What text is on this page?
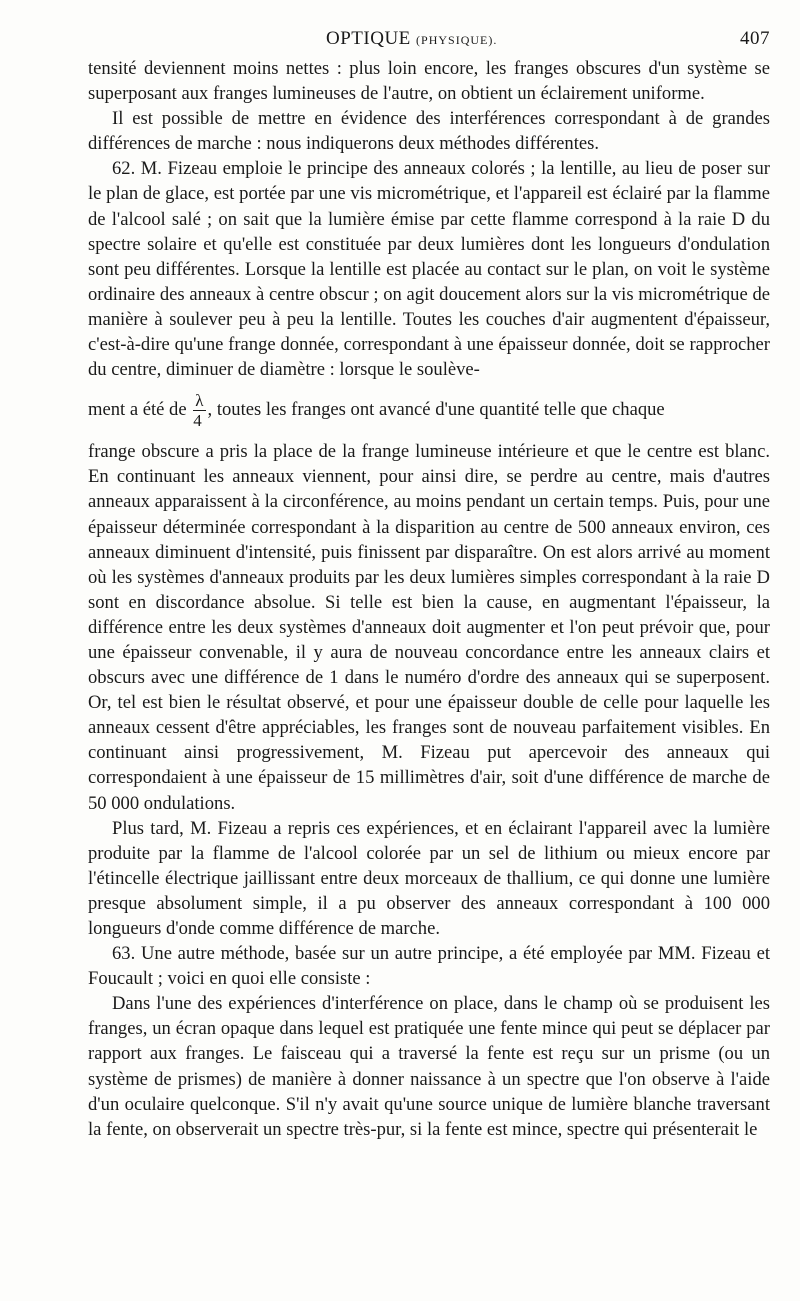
OPTIQUE (PHYSIQUE).	407

tensité deviennent moins nettes : plus loin encore, les franges obscures d'un système se superposant aux franges lumineuses de l'autre, on obtient un éclairement uniforme.

Il est possible de mettre en évidence des interférences correspondant à de grandes différences de marche : nous indiquerons deux méthodes différentes.

62. M. Fizeau emploie le principe des anneaux colorés ; la lentille, au lieu de poser sur le plan de glace, est portée par une vis micrométrique, et l'appareil est éclairé par la flamme de l'alcool salé ; on sait que la lumière émise par cette flamme correspond à la raie D du spectre solaire et qu'elle est constituée par deux lumières dont les longueurs d'ondulation sont peu différentes. Lorsque la lentille est placée au contact sur le plan, on voit le système ordinaire des anneaux à centre obscur ; on agit doucement alors sur la vis micrométrique de manière à soulever peu à peu la lentille. Toutes les couches d'air augmentent d'épaisseur, c'est-à-dire qu'une frange donnée, correspondant à une épaisseur donnée, doit se rapprocher du centre, diminuer de diamètre : lorsque le soulève-

ment a été de $\frac{\lambda}{4}$ , toutes les franges ont avancé d'une quantité telle que chaque

frange obscure a pris la place de la frange lumineuse intérieure et que le centre est blanc. En continuant les anneaux viennent, pour ainsi dire, se perdre au centre, mais d'autres anneaux apparaissent à la circonférence, au moins pendant un certain temps. Puis, pour une épaisseur déterminée correspondant à la disparition au centre de 500 anneaux environ, ces anneaux diminuent d'intensité, puis finissent par disparaître. On est alors arrivé au moment où les systèmes d'anneaux produits par les deux lumières simples correspondant à la raie D sont en discordance absolue. Si telle est bien la cause, en augmentant l'épaisseur, la différence entre les deux systèmes d'anneaux doit augmenter et l'on peut prévoir que, pour une épaisseur convenable, il y aura de nouveau concordance entre les anneaux clairs et obscurs avec une différence de 1 dans le numéro d'ordre des anneaux qui se superposent. Or, tel est bien le résultat observé, et pour une épaisseur double de celle pour laquelle les anneaux cessent d'être appréciables, les franges sont de nouveau parfaitement visibles. En continuant ainsi progressivement, M. Fizeau put apercevoir des anneaux qui correspondaient à une épaisseur de 15 millimètres d'air, soit d'une différence de marche de 50 000 ondulations.

Plus tard, M. Fizeau a repris ces expériences, et en éclairant l'appareil avec la lumière produite par la flamme de l'alcool colorée par un sel de lithium ou mieux encore par l'étincelle électrique jaillissant entre deux morceaux de thallium, ce qui donne une lumière presque absolument simple, il a pu observer des anneaux correspondant à 100 000 longueurs d'onde comme différence de marche.

63. Une autre méthode, basée sur un autre principe, a été employée par MM. Fizeau et Foucault ; voici en quoi elle consiste :

Dans l'une des expériences d'interférence on place, dans le champ où se produisent les franges, un écran opaque dans lequel est pratiquée une fente mince qui peut se déplacer par rapport aux franges. Le faisceau qui a traversé la fente est reçu sur un prisme (ou un système de prismes) de manière à donner naissance à un spectre que l'on observe à l'aide d'un oculaire quelconque. S'il n'y avait qu'une source unique de lumière blanche traversant la fente, on observerait un spectre très-pur, si la fente est mince, spectre qui présenterait le
